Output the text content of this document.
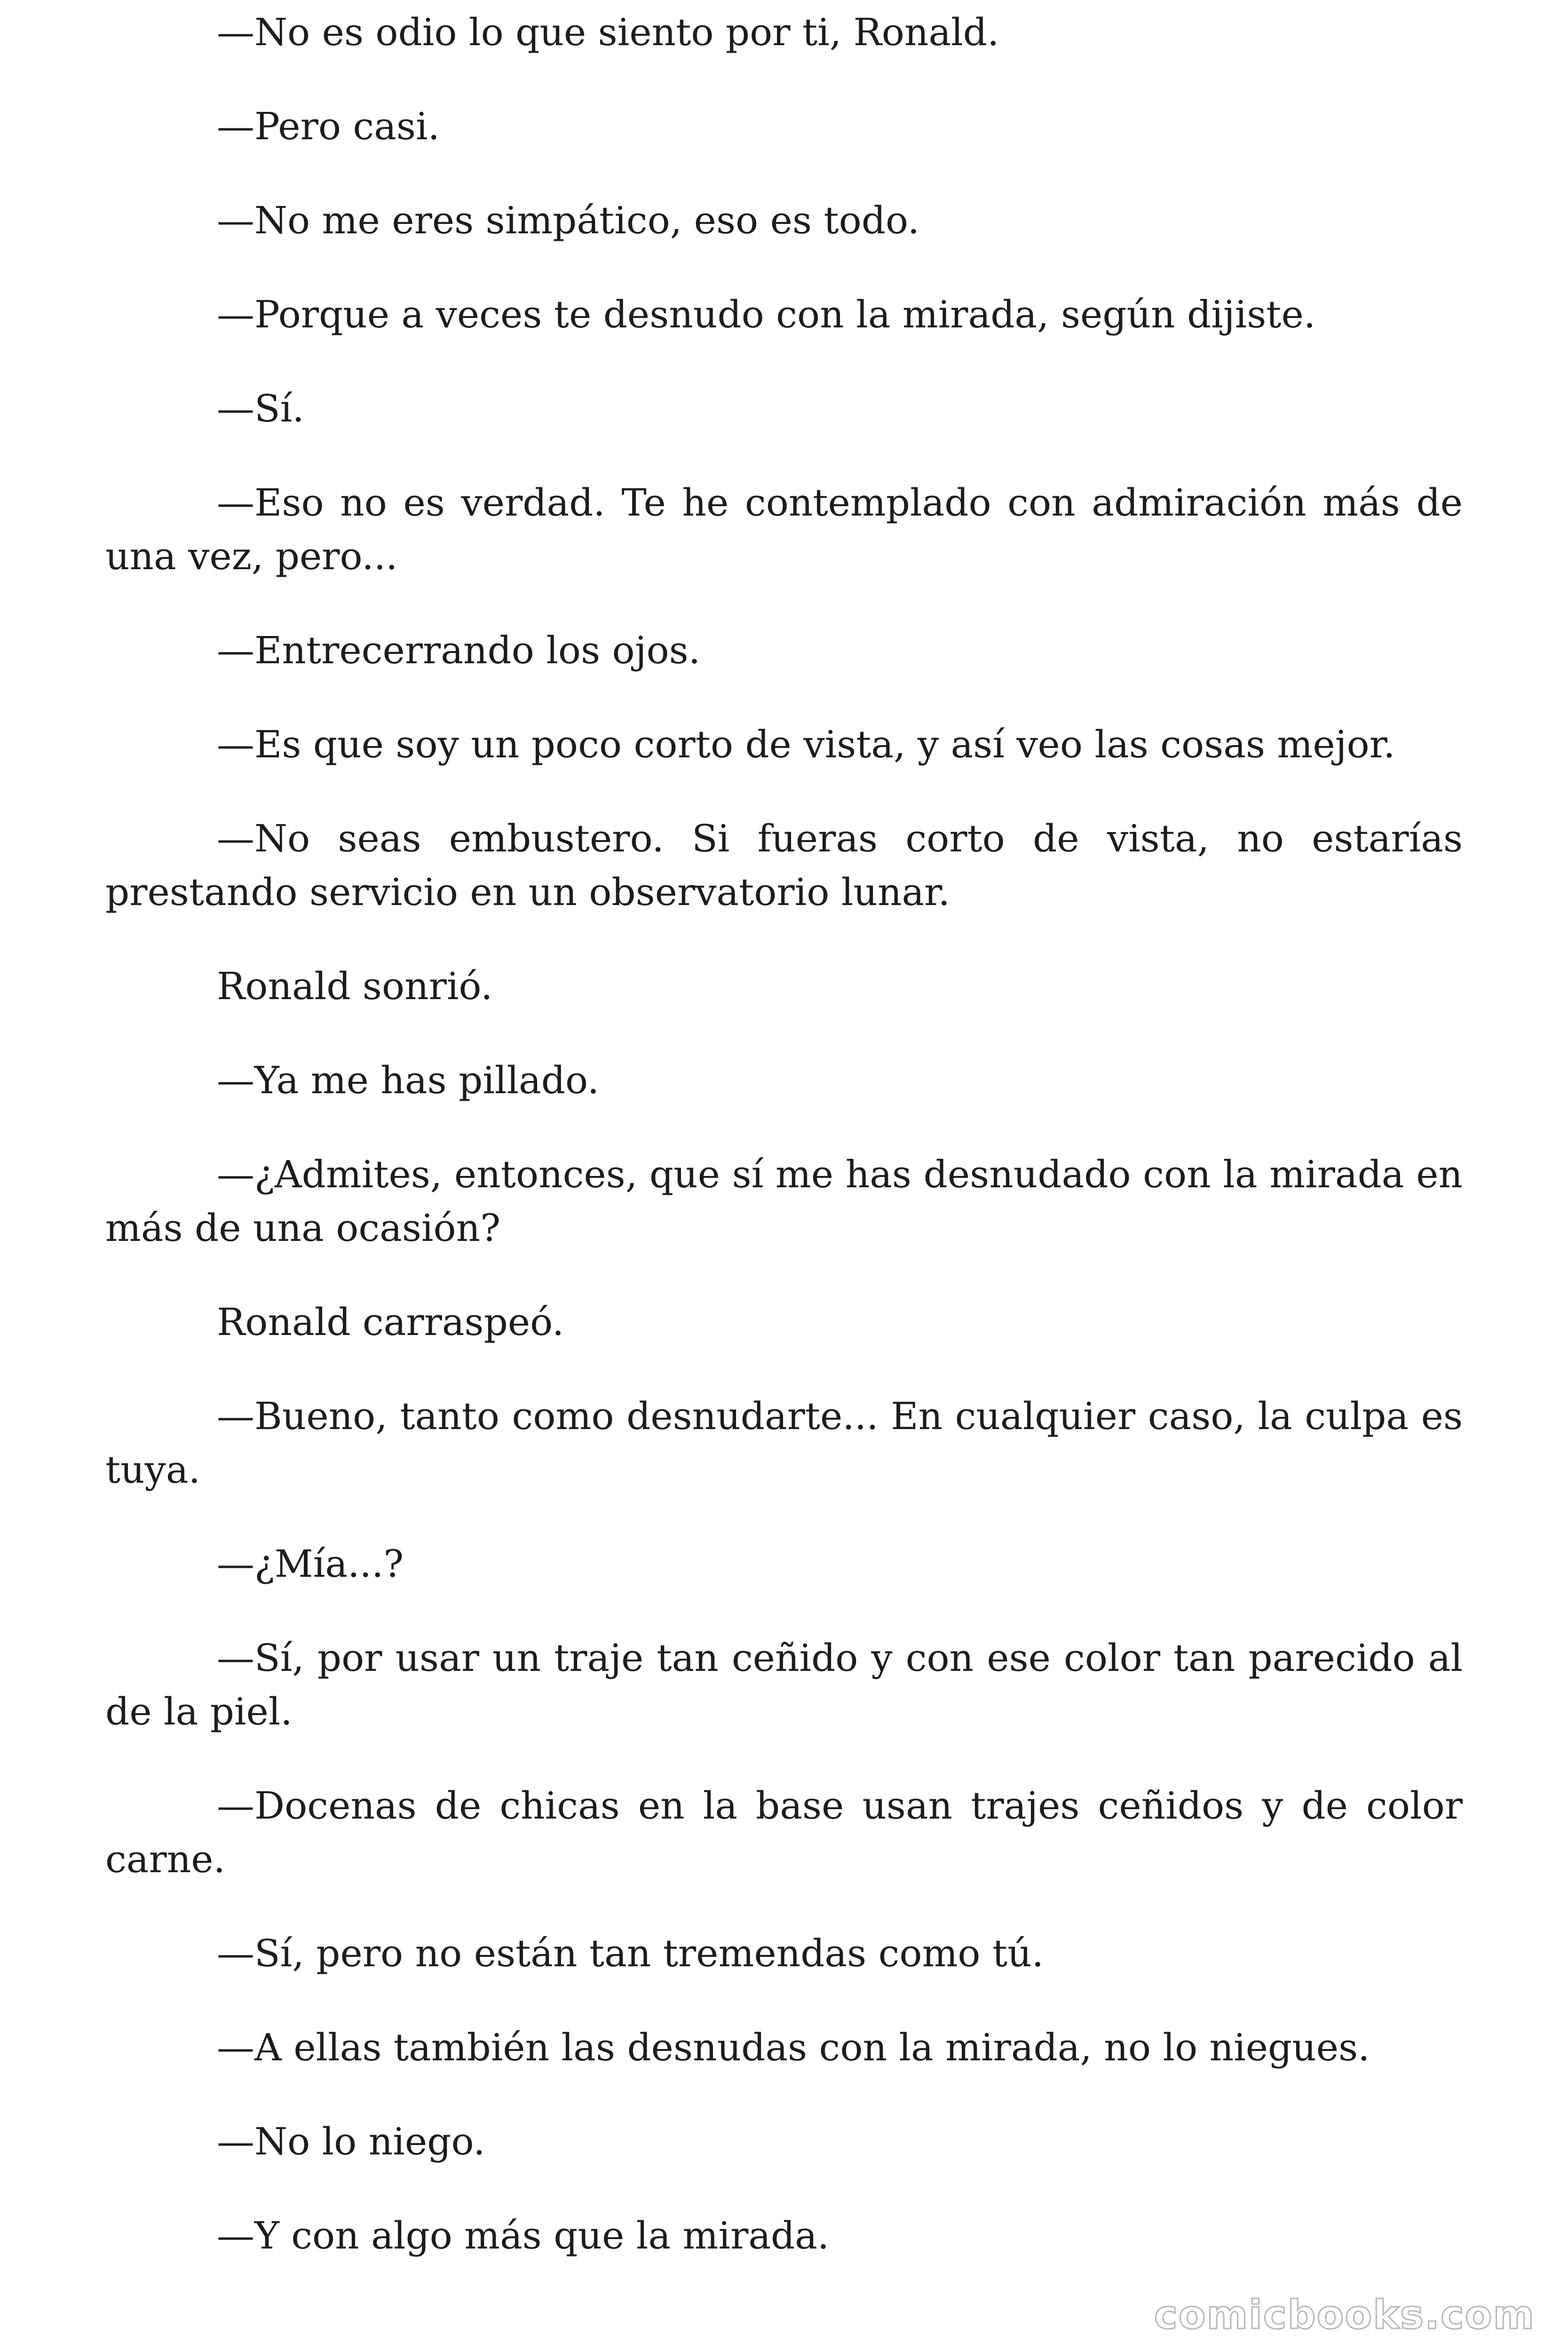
—No es odio lo que siento por ti, Ronald.

—Pero casi.

—No me eres simpático, eso es todo.

—Porque a veces te desnudo con la mirada, según dijiste.

—Sí.

—Eso no es verdad. Te he contemplado con admiración más de una vez, pero...

—Entrecerrando los ojos.

—Es que soy un poco corto de vista, y así veo las cosas mejor.

—No seas embustero. Si fueras corto de vista, no estarías prestando servicio en un observatorio lunar.

Ronald sonrió.

—Ya me has pillado.

—¿Admites, entonces, que sí me has desnudado con la mirada en más de una ocasión?

Ronald carraspeó.

—Bueno, tanto como desnudarte... En cualquier caso, la culpa es tuya.

—¿Mía...?

—Sí, por usar un traje tan ceñido y con ese color tan parecido al de la piel.

—Docenas de chicas en la base usan trajes ceñidos y de color carne.

—Sí, pero no están tan tremendas como tú.

—A ellas también las desnudas con la mirada, no lo niegues.

—No lo niego.

—Y con algo más que la mirada.

comicbooks.com
